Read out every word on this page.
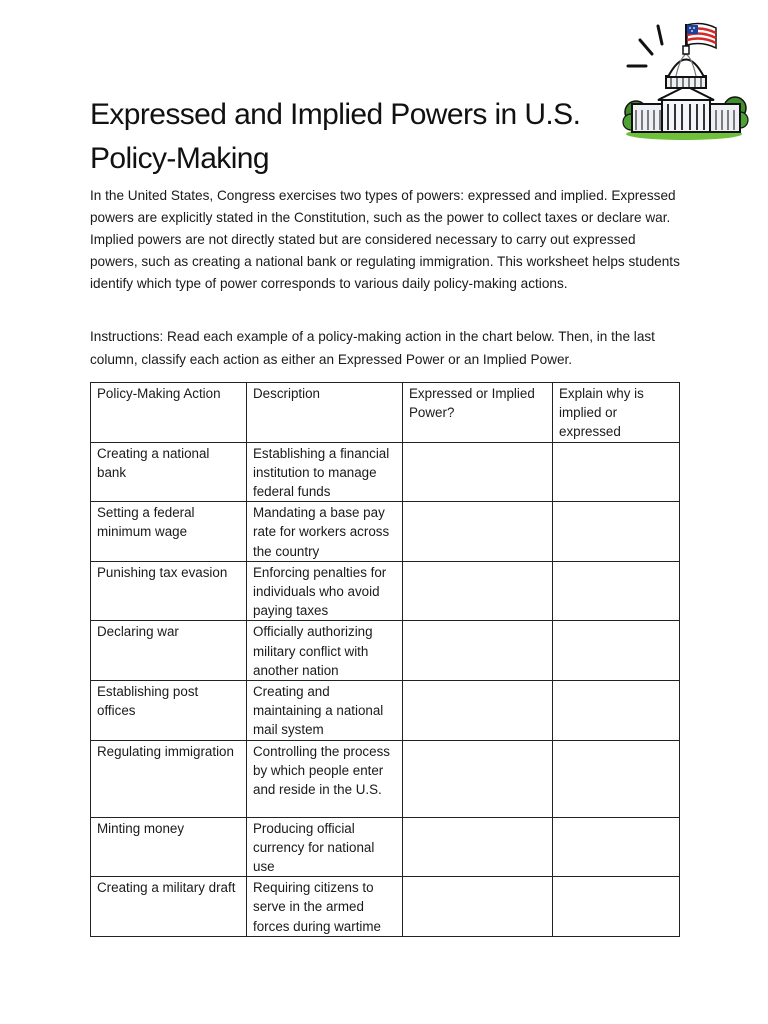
Expressed and Implied Powers in U.S. Policy-Making

In the United States, Congress exercises two types of powers: expressed and implied. Expressed powers are explicitly stated in the Constitution, such as the power to collect taxes or declare war. Implied powers are not directly stated but are considered necessary to carry out expressed powers, such as creating a national bank or regulating immigration. This worksheet helps students identify which type of power corresponds to various daily policy-making actions.

Instructions: Read each example of a policy-making action in the chart below. Then, in the last column, classify each action as either an Expressed Power or an Implied Power.

Policy-Making Action	Description	Expressed or Implied Power?	Explain why is implied or expressed
Creating a national bank	Establishing a financial institution to manage federal funds		
Setting a federal minimum wage	Mandating a base pay rate for workers across the country		
Punishing tax evasion	Enforcing penalties for individuals who avoid paying taxes		
Declaring war	Officially authorizing military conflict with another nation		
Establishing post offices	Creating and maintaining a national mail system		
Regulating immigration	Controlling the process by which people enter and reside in the U.S.		
Minting money	Producing official currency for national use		
Creating a military draft	Requiring citizens to serve in the armed forces during wartime		
